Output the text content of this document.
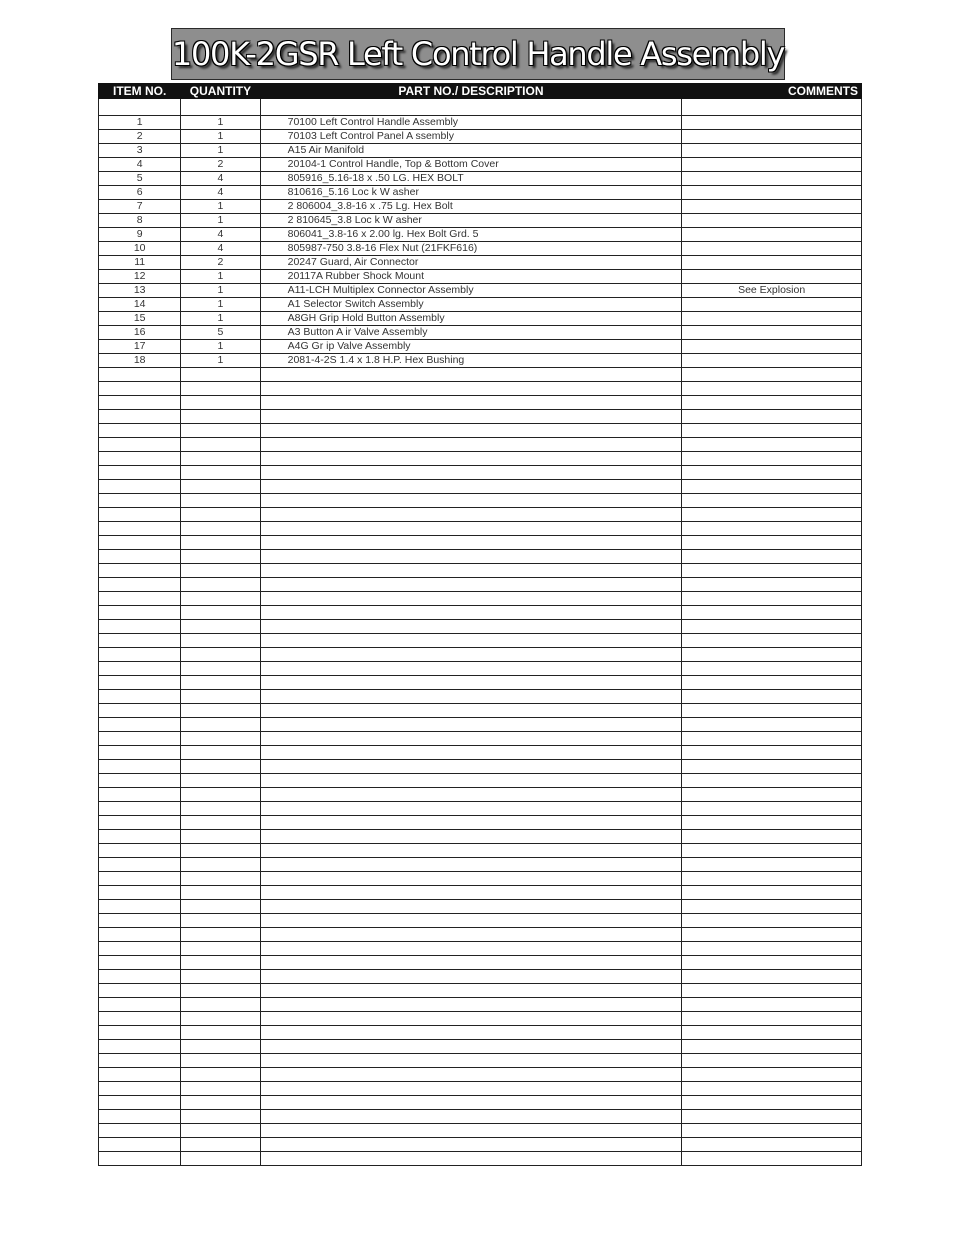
100K-2GSR Left Control Handle Assembly
ITEM NO.	QUANTITY	PART NO./ DESCRIPTION	COMMENTS

1	1	70100 Left Control Handle Assembly	
2	1	70103 Left Control Panel A ssembly	
3	1	A15 Air Manifold	
4	2	20104-1 Control Handle, Top & Bottom Cover	
5	4	805916_5.16-18 x .50 LG. HEX BOLT	
6	4	810616_5.16 Loc k W asher	
7	1	2 806004_3.8-16 x .75 Lg. Hex Bolt	
8	1	2 810645_3.8 Loc k W asher	
9	4	806041_3.8-16 x 2.00 lg. Hex Bolt Grd. 5	
10	4	805987-750 3.8-16 Flex Nut (21FKF616)	
11	2	20247 Guard, Air Connector	
12	1	20117A Rubber Shock Mount	
13	1	A11-LCH Multiplex Connector Assembly	See Explosion
14	1	A1 Selector Switch Assembly	
15	1	A8GH Grip Hold Button Assembly	
16	5	A3 Button A ir Valve Assembly	
17	1	A4G Gr ip Valve Assembly	
18	1	2081-4-2S 1.4 x 1.8 H.P. Hex Bushing	
